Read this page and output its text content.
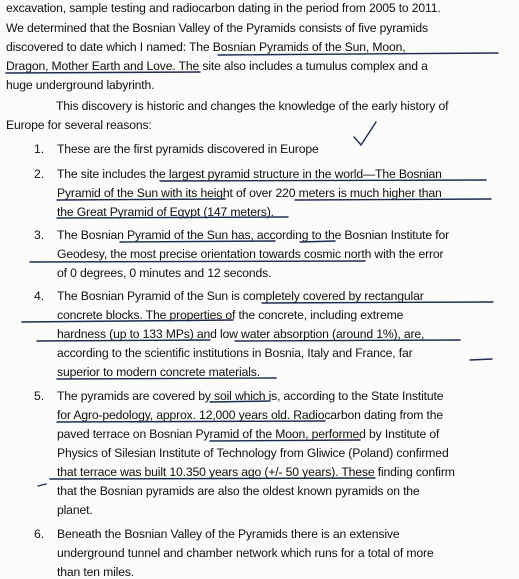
excavation, sample testing and radiocarbon dating in the period from 2005 to 2011.
We determined that the Bosnian Valley of the Pyramids consists of five pyramids
discovered to date which I named: The Bosnian Pyramids of the Sun, Moon,
Dragon, Mother Earth and Love. The site also includes a tumulus complex and a
huge underground labyrinth.
This discovery is historic and changes the knowledge of the early history of
Europe for several reasons:
1. These are the first pyramids discovered in Europe
2. The site includes the largest pyramid structure in the world—The Bosnian
Pyramid of the Sun with its height of over 220 meters is much higher than
the Great Pyramid of Egypt (147 meters).
3. The Bosnian Pyramid of the Sun has, according to the Bosnian Institute for
Geodesy, the most precise orientation towards cosmic north with the error
of 0 degrees, 0 minutes and 12 seconds.
4. The Bosnian Pyramid of the Sun is completely covered by rectangular
concrete blocks. The properties of the concrete, including extreme
hardness (up to 133 MPs) and low water absorption (around 1%), are,
according to the scientific institutions in Bosnia, Italy and France, far
superior to modern concrete materials.
5. The pyramids are covered by soil which is, according to the State Institute
for Agro-pedology, approx. 12,000 years old. Radiocarbon dating from the
paved terrace on Bosnian Pyramid of the Moon, performed by Institute of
Physics of Silesian Institute of Technology from Gliwice (Poland) confirmed
that terrace was built 10.350 years ago (+/- 50 years). These finding confirm
that the Bosnian pyramids are also the oldest known pyramids on the
planet.
6. Beneath the Bosnian Valley of the Pyramids there is an extensive
underground tunnel and chamber network which runs for a total of more
than ten miles.
